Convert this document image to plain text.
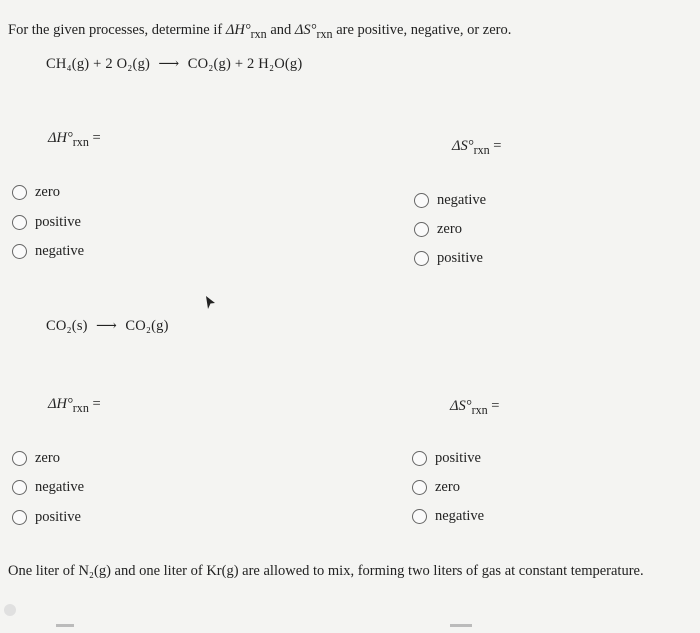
For the given processes, determine if $\Delta H^\circ_{rxn}$ and $\Delta S^\circ_{rxn}$ are positive, negative, or zero.
CH₄(g) + 2 O₂(g) ⟶ CO₂(g) + 2 H₂O(g)
$\Delta H^\circ_{rxn}$ =	$\Delta S^\circ_{rxn}$ =
zero
positive
negative
negative
zero
positive
CO₂(s) ⟶ CO₂(g)
$\Delta H^\circ_{rxn}$ =	$\Delta S^\circ_{rxn}$ =
zero
negative
positive
positive
zero
negative
One liter of N₂(g) and one liter of Kr(g) are allowed to mix, forming two liters of gas at constant temperature.
